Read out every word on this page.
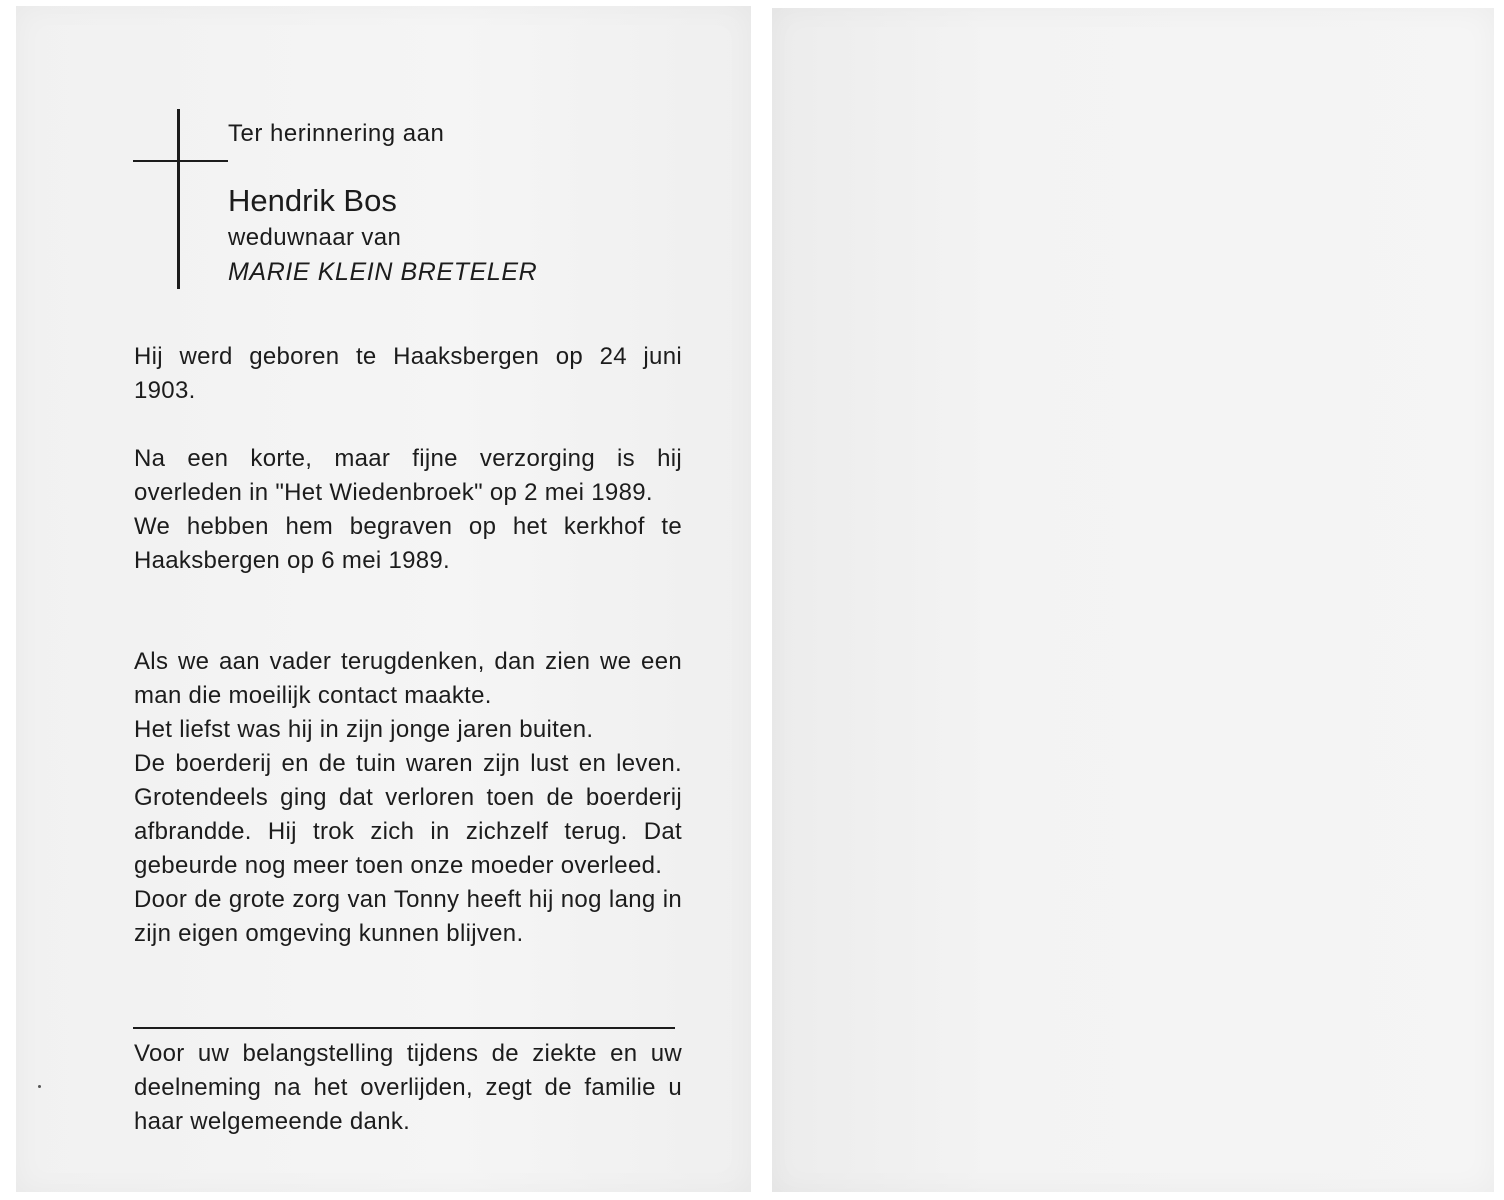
Ter herinnering aan

Hendrik Bos

weduwnaar van

MARIE KLEIN BRETELER

Hij werd geboren te Haaksbergen op 24 juni 1903.

Na een korte, maar fijne verzorging is hij overleden in "Het Wiedenbroek" op 2 mei 1989.

We hebben hem begraven op het kerkhof te Haaksbergen op 6 mei 1989.

Als we aan vader terugdenken, dan zien we een man die moeilijk contact maakte.

Het liefst was hij in zijn jonge jaren buiten.

De boerderij en de tuin waren zijn lust en leven. Grotendeels ging dat verloren toen de boerderij afbrandde. Hij trok zich in zichzelf terug. Dat gebeurde nog meer toen onze moeder overleed.

Door de grote zorg van Tonny heeft hij nog lang in zijn eigen omgeving kunnen blijven.

Voor uw belangstelling tijdens de ziekte en uw deelneming na het overlijden, zegt de familie u haar welgemeende dank.
